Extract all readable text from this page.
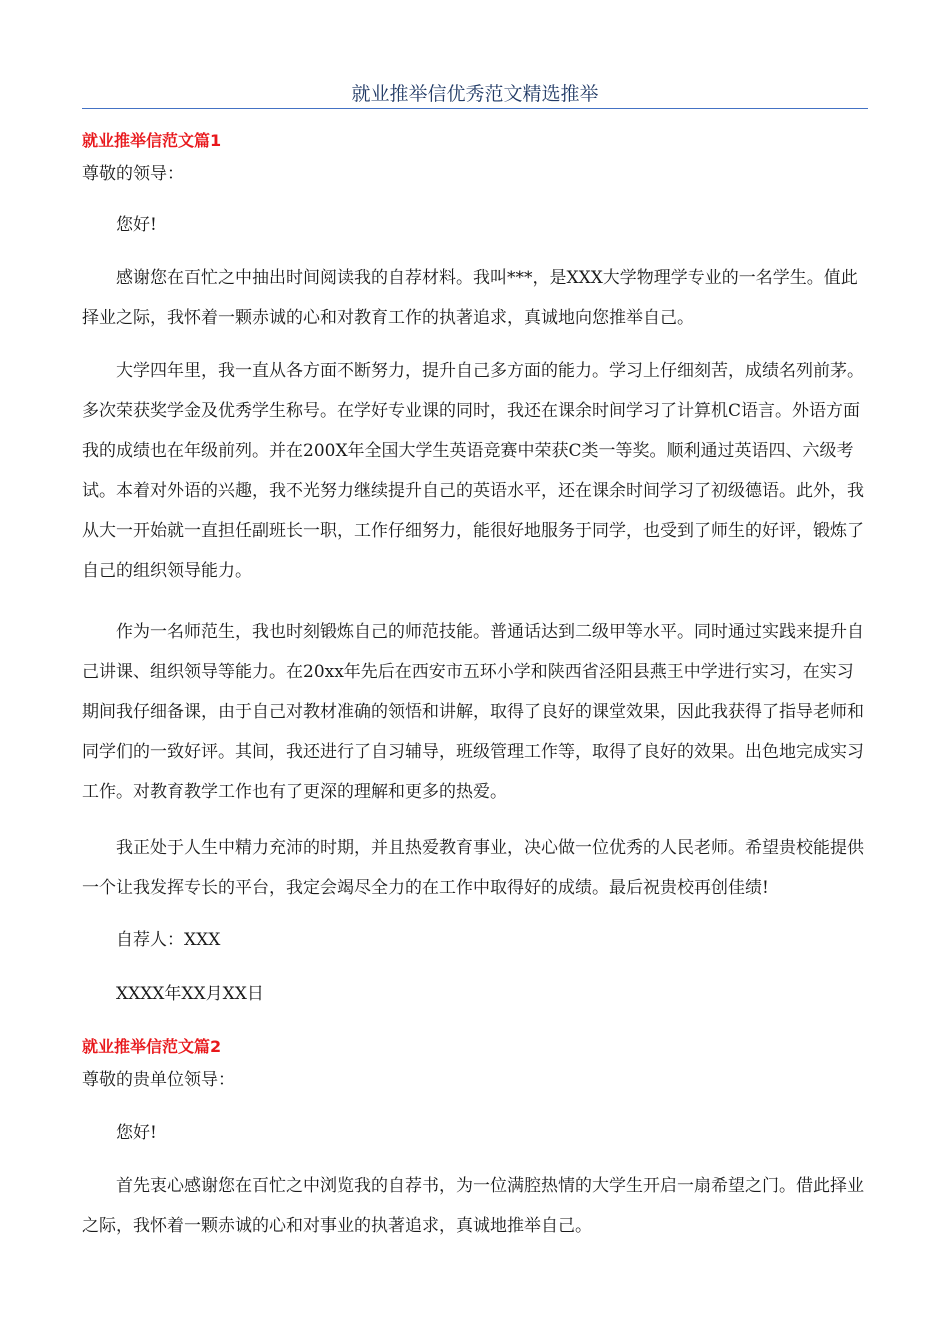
就业推举信优秀范文精选推举
就业推举信范文篇1

尊敬的领导：

您好!

感谢您在百忙之中抽出时间阅读我的自荐材料。我叫***，是XXX大学物理学专业的一名学生。值此择业之际，我怀着一颗赤诚的心和对教育工作的执著追求，真诚地向您推举自己。

大学四年里，我一直从各方面不断努力，提升自己多方面的能力。学习上仔细刻苦，成绩名列前茅。多次荣获奖学金及优秀学生称号。在学好专业课的同时，我还在课余时间学习了计算机C语言。外语方面我的成绩也在年级前列。并在200X年全国大学生英语竞赛中荣获C类一等奖。顺利通过英语四、六级考试。本着对外语的兴趣，我不光努力继续提升自己的英语水平，还在课余时间学习了初级德语。此外，我从大一开始就一直担任副班长一职，工作仔细努力，能很好地服务于同学，也受到了师生的好评，锻炼了自己的组织领导能力。

作为一名师范生，我也时刻锻炼自己的师范技能。普通话达到二级甲等水平。同时通过实践来提升自己讲课、组织领导等能力。在20xx年先后在西安市五环小学和陕西省泾阳县燕王中学进行实习，在实习期间我仔细备课，由于自己对教材准确的领悟和讲解，取得了良好的课堂效果，因此我获得了指导老师和同学们的一致好评。其间，我还进行了自习辅导，班级管理工作等，取得了良好的效果。出色地完成实习工作。对教育教学工作也有了更深的理解和更多的热爱。

我正处于人生中精力充沛的时期，并且热爱教育事业，决心做一位优秀的人民老师。希望贵校能提供一个让我发挥专长的平台，我定会竭尽全力的在工作中取得好的成绩。最后祝贵校再创佳绩!

自荐人：XXX

XXXX年XX月XX日

就业推举信范文篇2

尊敬的贵单位领导：

您好!

首先衷心感谢您在百忙之中浏览我的自荐书，为一位满腔热情的大学生开启一扇希望之门。借此择业之际，我怀着一颗赤诚的心和对事业的执著追求，真诚地推举自己。
